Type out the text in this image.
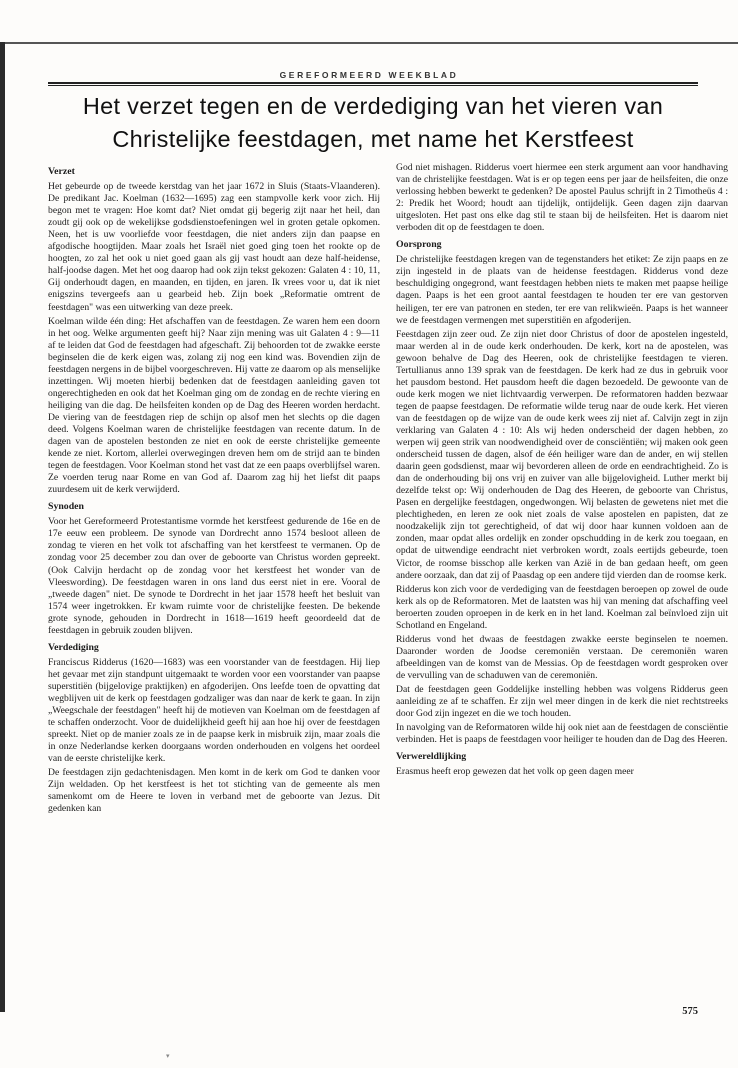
GEREFORMEERD WEEKBLAD
Het verzet tegen en de verdediging van het vieren van
Christelijke feestdagen, met name het Kerstfeest
Verzet

Het gebeurde op de tweede kerstdag van het jaar 1672 in Sluis (Staats-Vlaanderen). De predikant Jac. Koelman (1632—1695) zag een stampvolle kerk voor zich. Hij begon met te vragen: Hoe komt dat? Niet omdat gij begerig zijt naar het heil, dan zoudt gij ook op de wekelijkse godsdienstoefeningen wel in groten getale opkomen. Neen, het is uw voorliefde voor feestdagen, die niet anders zijn dan paapse en afgodische hoogtijden. Maar zoals het Israël niet goed ging toen het rookte op de hoogten, zo zal het ook u niet goed gaan als gij vast houdt aan deze half-heidense, half-joodse dagen. Met het oog daarop had ook zijn tekst gekozen: Galaten 4 : 10, 11, Gij onderhoudt dagen, en maanden, en tijden, en jaren. Ik vrees voor u, dat ik niet enigszins tevergeefs aan u gearbeid heb. Zijn boek „Reformatie omtrent de feestdagen" was een uitwerking van deze preek.

Koelman wilde één ding: Het afschaffen van de feestdagen. Ze waren hem een doorn in het oog. Welke argumenten geeft hij? Naar zijn mening was uit Galaten 4 : 9—11 af te leiden dat God de feestdagen had afgeschaft. Zij behoorden tot de zwakke eerste beginselen die de kerk eigen was, zolang zij nog een kind was. Bovendien zijn de feestdagen nergens in de bijbel voorgeschreven. Hij vatte ze daarom op als menselijke inzettingen. Wij moeten hierbij bedenken dat de feestdagen aanleiding gaven tot ongerechtigheden en ook dat het Koelman ging om de zondag en de rechte viering en heiliging van die dag. De heilsfeiten konden op de Dag des Heeren worden herdacht. De viering van de feestdagen riep de schijn op alsof men het slechts op die dagen deed. Volgens Koelman waren de christelijke feestdagen van recente datum. In de dagen van de apostelen bestonden ze niet en ook de eerste christelijke gemeente kende ze niet. Kortom, allerlei overwegingen dreven hem om de strijd aan te binden tegen de feestdagen. Voor Koelman stond het vast dat ze een paaps overblijfsel waren. Ze voerden terug naar Rome en van God af. Daarom zag hij het liefst dit paaps zuurdesem uit de kerk verwijderd.

Synoden

Voor het Gereformeerd Protestantisme vormde het kerstfeest gedurende de 16e en de 17e eeuw een probleem. De synode van Dordrecht anno 1574 besloot alleen de zondag te vieren en het volk tot afschaffing van het kerstfeest te vermanen. Op de zondag voor 25 december zou dan over de geboorte van Christus worden gepreekt. (Ook Calvijn herdacht op de zondag voor het kerstfeest het wonder van de Vleeswording). De feestdagen waren in ons land dus eerst niet in ere. Vooral de „tweede dagen" niet. De synode te Dordrecht in het jaar 1578 heeft het besluit van 1574 weer ingetrokken. Er kwam ruimte voor de christelijke feesten. De bekende grote synode, gehouden in Dordrecht in 1618—1619 heeft geoordeeld dat de feestdagen in gebruik zouden blijven.

Verdediging

Franciscus Ridderus (1620—1683) was een voorstander van de feestdagen. Hij liep het gevaar met zijn standpunt uitgemaakt te worden voor een voorstander van paapse superstitiën (bijgelovige praktijken) en afgoderijen. Ons leefde toen de opvatting dat wegblijven uit de kerk op feestdagen godzaliger was dan naar de kerk te gaan. In zijn „Weegschale der feestdagen" heeft hij de motieven van Koelman om de feestdagen af te schaffen onderzocht. Voor de duidelijkheid geeft hij aan hoe hij over de feestdagen spreekt. Niet op de manier zoals ze in de paapse kerk in misbruik zijn, maar zoals die in onze Nederlandse kerken doorgaans worden onderhouden en volgens het oordeel van de eerste christelijke kerk.

De feestdagen zijn gedachtenisdagen. Men komt in de kerk om God te danken voor Zijn weldaden. Op het kerstfeest is het tot stichting van de gemeente als men samenkomt om de Heere te loven in verband met de geboorte van Jezus. Dit gedenken kan

God niet mishagen. Ridderus voert hiermee een sterk argument aan voor handhaving van de christelijke feestdagen. Wat is er op tegen eens per jaar de heilsfeiten, die onze verlossing hebben bewerkt te gedenken? De apostel Paulus schrijft in 2 Timotheüs 4 : 2: Predik het Woord; houdt aan tijdelijk, ontijdelijk. Geen dagen zijn daarvan uitgesloten. Het past ons elke dag stil te staan bij de heilsfeiten. Het is daarom niet verboden dit op de feestdagen te doen.

Oorsprong

De christelijke feestdagen kregen van de tegenstanders het etiket: Ze zijn paaps en ze zijn ingesteld in de plaats van de heidense feestdagen. Ridderus vond deze beschuldiging ongegrond, want feestdagen hebben niets te maken met paapse heilige dagen. Paaps is het een groot aantal feestdagen te houden ter ere van gestorven heiligen, ter ere van patronen en steden, ter ere van relikwieën. Paaps is het wanneer we de feestdagen vermengen met superstitiën en afgoderijen.

Feestdagen zijn zeer oud. Ze zijn niet door Christus of door de apostelen ingesteld, maar werden al in de oude kerk onderhouden. De kerk, kort na de apostelen, was gewoon behalve de Dag des Heeren, ook de christelijke feestdagen te vieren. Tertullianus anno 139 sprak van de feestdagen. De kerk had ze dus in gebruik voor het pausdom bestond. Het pausdom heeft die dagen bezoedeld. De gewoonte van de oude kerk mogen we niet lichtvaardig verwerpen. De reformatoren hadden bezwaar tegen de paapse feestdagen. De reformatie wilde terug naar de oude kerk. Het vieren van de feestdagen op de wijze van de oude kerk wees zij niet af. Calvijn zegt in zijn verklaring van Galaten 4 : 10: Als wij heden onderscheid der dagen hebben, zo werpen wij geen strik van noodwendigheid over de consciëntiën; wij maken ook geen onderscheid tussen de dagen, alsof de één heiliger ware dan de ander, en wij stellen daarin geen godsdienst, maar wij bevorderen alleen de orde en eendrachtigheid. Zo is dan de onderhouding bij ons vrij en zuiver van alle bijgelovigheid. Luther merkt bij dezelfde tekst op: Wij onderhouden de Dag des Heeren, de geboorte van Christus, Pasen en dergelijke feestdagen, ongedwongen. Wij belasten de gewetens niet met die plechtigheden, en leren ze ook niet zoals de valse apostelen en papisten, dat ze noodzakelijk zijn tot gerechtigheid, of dat wij door haar kunnen voldoen aan de zonden, maar opdat alles ordelijk en zonder opschudding in de kerk zou toegaan, en opdat de uitwendige eendracht niet verbroken wordt, zoals eertijds gebeurde, toen Victor, de roomse bisschop alle kerken van Azië in de ban gedaan heeft, om geen andere oorzaak, dan dat zij of Paasdag op een andere tijd vierden dan de roomse kerk.

Ridderus kon zich voor de verdediging van de feestdagen beroepen op zowel de oude kerk als op de Reformatoren. Met de laatsten was hij van mening dat afschaffing veel beroerten zouden oproepen in de kerk en in het land. Koelman zal beïnvloed zijn uit Schotland en Engeland.

Ridderus vond het dwaas de feestdagen zwakke eerste beginselen te noemen. Daaronder worden de Joodse ceremoniën verstaan. De ceremoniën waren afbeeldingen van de komst van de Messias. Op de feestdagen wordt gesproken over de vervulling van de schaduwen van de ceremoniën.

Dat de feestdagen geen Goddelijke instelling hebben was volgens Ridderus geen aanleiding ze af te schaffen. Er zijn wel meer dingen in de kerk die niet rechtstreeks door God zijn ingezet en die we toch houden.

In navolging van de Reformatoren wilde hij ook niet aan de feestdagen de consciëntie verbinden. Het is paaps de feestdagen voor heiliger te houden dan de Dag des Heeren.

Verwereldlijking

Erasmus heeft erop gewezen dat het volk op geen dagen meer

575
▾
